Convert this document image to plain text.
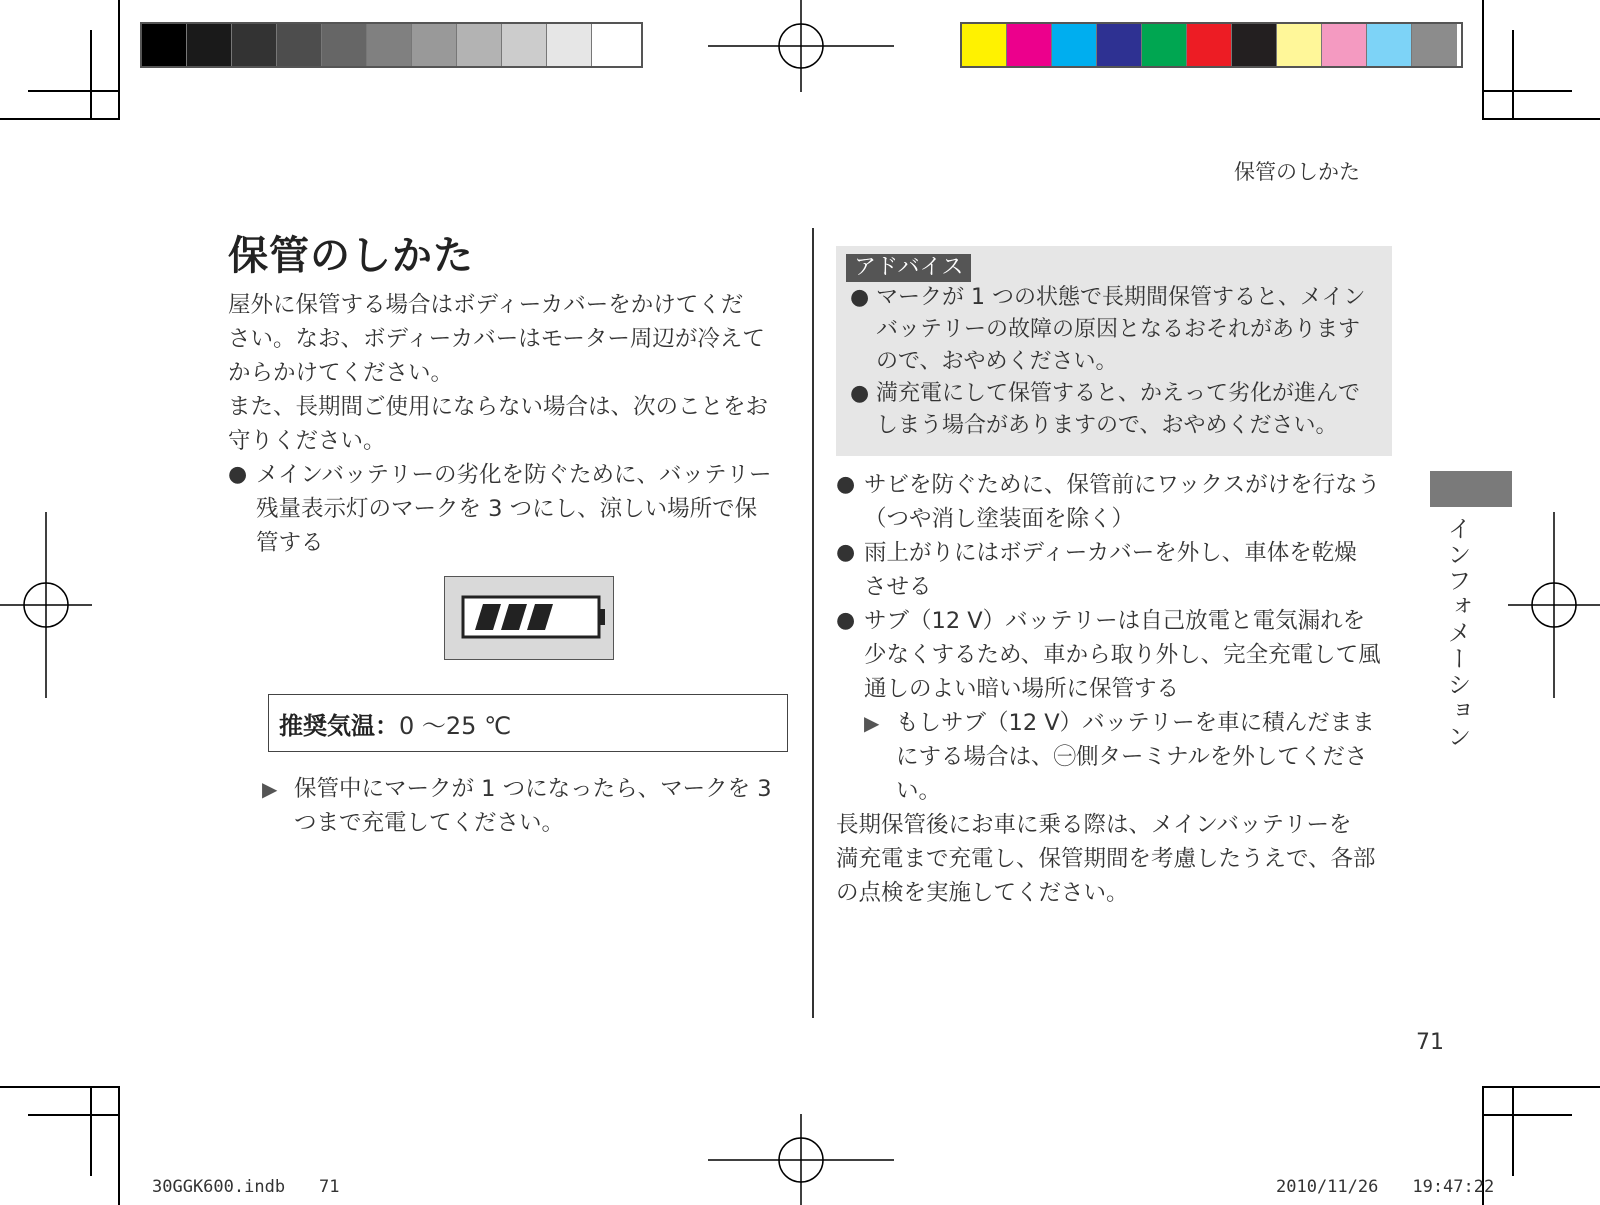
保管のしかた
保管のしかた

屋外に保管する場合はボディーカバーをかけてくだ
さい。なお、ボディーカバーはモーター周辺が冷えて
からかけてください。

また、長期間ご使用にならない場合は、次のことをお
守りください。

● メインバッテリーの劣化を防ぐために、バッテリー
残量表示灯のマークを 3 つにし、涼しい場所で保
管する

推奨気温：0 ～25 ℃

▶ 保管中にマークが 1 つになったら、マークを 3
つまで充電してください。

アドバイス

● マークが 1 つの状態で長期間保管すると、メイン
バッテリーの故障の原因となるおそれがあります
ので、おやめください。

● 満充電にして保管すると、かえって劣化が進んで
しまう場合がありますので、おやめください。

● サビを防ぐために、保管前にワックスがけを行なう
（つや消し塗装面を除く）

● 雨上がりにはボディーカバーを外し、車体を乾燥
させる

● サブ（12 V）バッテリーは自己放電と電気漏れを
少なくするため、車から取り外し、完全充電して風
通しのよい暗い場所に保管する

▶ もしサブ（12 V）バッテリーを車に積んだまま
にする場合は、㊀側ターミナルを外してくださ
い。

長期保管後にお車に乗る際は、メインバッテリーを
満充電まで充電し、保管期間を考慮したうえで、各部
の点検を実施してください。

インフォメーション
71
30GGK600.indb　　71	2010/11/26　　19:47:22
